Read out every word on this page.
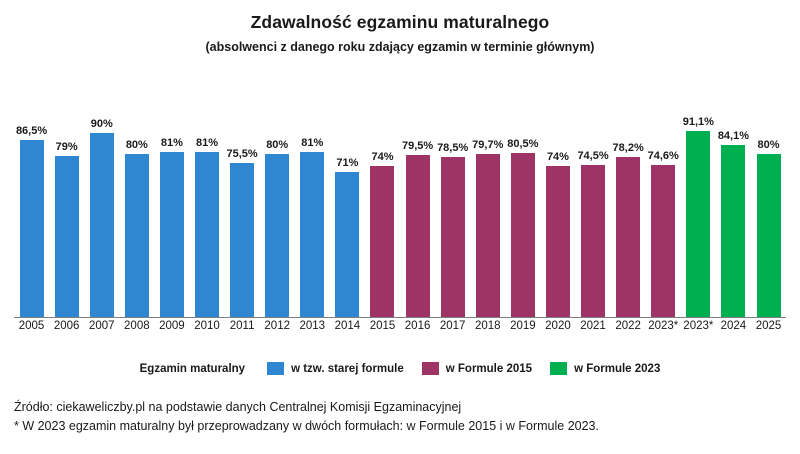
Zdawalność egzaminu maturalnego
(absolwenci z danego roku zdający egzamin w terminie głównym)
86,5%
79%
90%
80% 81% 81%
75,5%
80% 81%
71%
74%
79,5% 78,5% 79,7% 80,5%
74% 74,5%
78,2%
74,6%
91,1%
84,1%
80%
2005 2006 2007 2008 2009 2010 2011 2012 2013 2014 2015 2016 2017 2018 2019 2020 2021 2022 2023* 2023* 2024 2025
Egzamin maturalny	w tzw. starej formule	w Formule 2015	w Formule 2023
Źródło: ciekaweliczby.pl na podstawie danych Centralnej Komisji Egzaminacyjnej
* W 2023 egzamin maturalny był przeprowadzany w dwóch formułach: w Formule 2015 i w Formule 2023.
